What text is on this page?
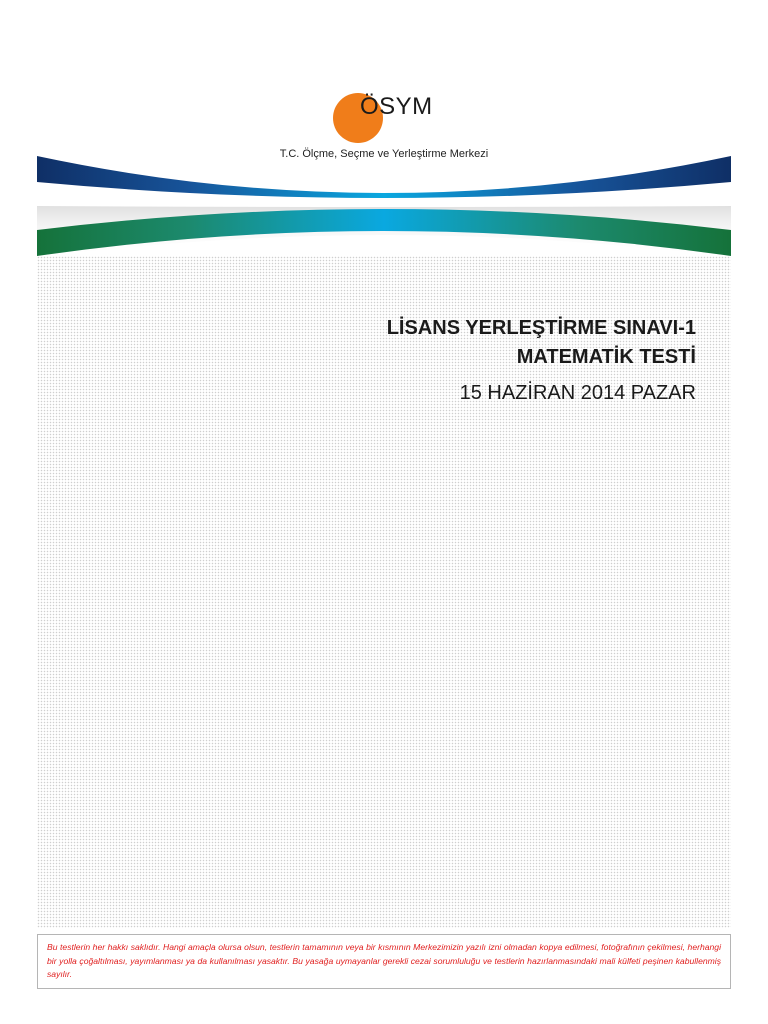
ÖSYM
T.C. Ölçme, Seçme ve Yerleştirme Merkezi
LİSANS YERLEŞTİRME SINAVI-1
MATEMATİK TESTİ
15 HAZİRAN 2014 PAZAR
Bu testlerin her hakkı saklıdır. Hangi amaçla olursa olsun, testlerin tamamının veya bir kısmının Merkezimizin yazılı izni olmadan kopya edilmesi, fotoğrafının çekilmesi, herhangi bir yolla çoğaltılması, yayımlanması ya da kullanılması yasaktır. Bu yasağa uymayanlar gerekli cezai sorumluluğu ve testlerin hazırlanmasındaki mali külfeti peşinen kabullenmiş sayılır.
